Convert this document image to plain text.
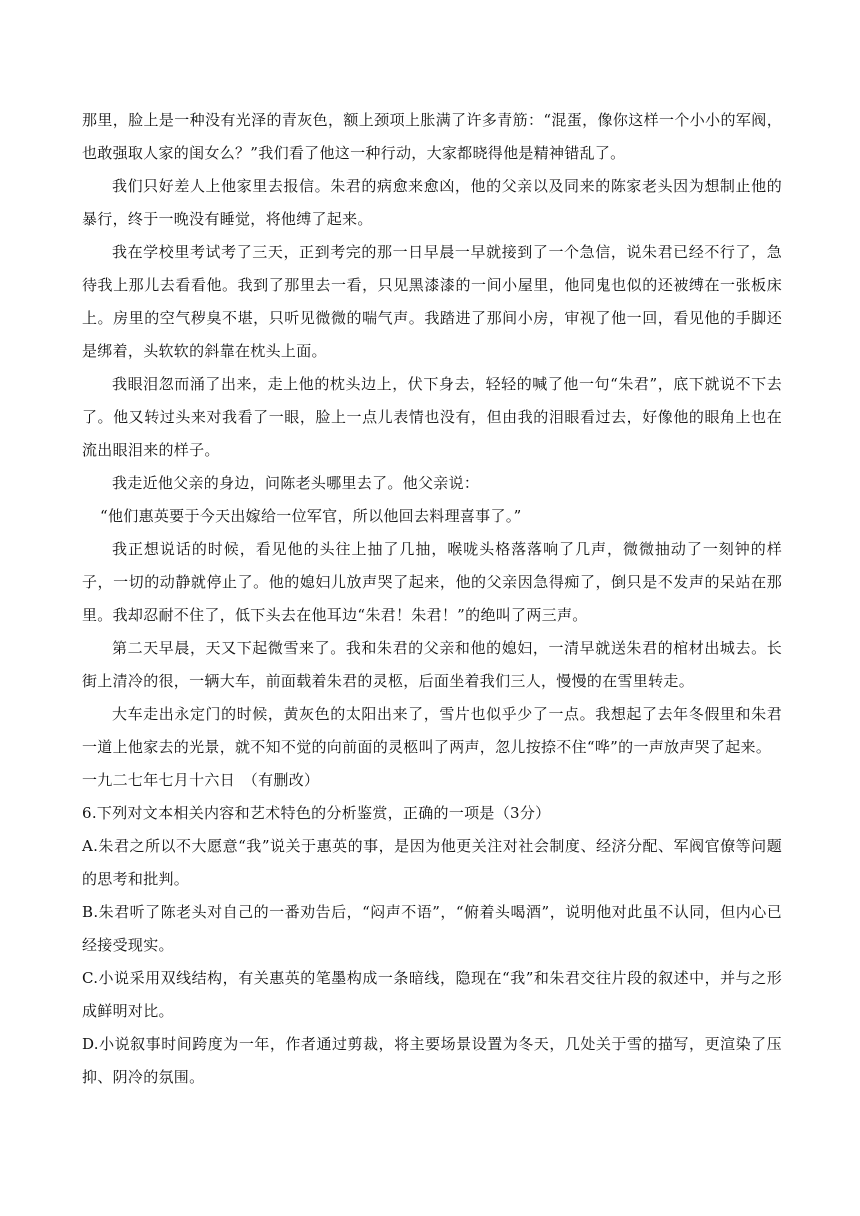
那里，脸上是一种没有光泽的青灰色，额上颈项上胀满了许多青筋：“混蛋，像你这样一个小小的军阀，也敢强取人家的闺女么？”我们看了他这一种行动，大家都晓得他是精神错乱了。

我们只好差人上他家里去报信。朱君的病愈来愈凶，他的父亲以及同来的陈家老头因为想制止他的暴行，终于一晚没有睡觉，将他缚了起来。

我在学校里考试考了三天，正到考完的那一日早晨一早就接到了一个急信，说朱君已经不行了，急待我上那儿去看看他。我到了那里去一看，只见黑漆漆的一间小屋里，他同鬼也似的还被缚在一张板床上。房里的空气秽臭不堪，只听见微微的喘气声。我踏进了那间小房，审视了他一回，看见他的手脚还是绑着，头软软的斜靠在枕头上面。

我眼泪忽而涌了出来，走上他的枕头边上，伏下身去，轻轻的喊了他一句“朱君”，底下就说不下去了。他又转过头来对我看了一眼，脸上一点儿表情也没有，但由我的泪眼看过去，好像他的眼角上也在流出眼泪来的样子。

我走近他父亲的身边，问陈老头哪里去了。他父亲说：

“他们惠英要于今天出嫁给一位军官，所以他回去料理喜事了。”

我正想说话的时候，看见他的头往上抽了几抽，喉咙头格落落响了几声，微微抽动了一刻钟的样子，一切的动静就停止了。他的媳妇儿放声哭了起来，他的父亲因急得痴了，倒只是不发声的呆站在那里。我却忍耐不住了，低下头去在他耳边“朱君！朱君！”的绝叫了两三声。

第二天早晨，天又下起微雪来了。我和朱君的父亲和他的媳妇，一清早就送朱君的棺材出城去。长街上清冷的很，一辆大车，前面载着朱君的灵柩，后面坐着我们三人，慢慢的在雪里转走。

大车走出永定门的时候，黄灰色的太阳出来了，雪片也似乎少了一点。我想起了去年冬假里和朱君一道上他家去的光景，就不知不觉的向前面的灵柩叫了两声，忽儿按捺不住“哗”的一声放声哭了起来。

一九二七年七月十六日　（有删改）

6.下列对文本相关内容和艺术特色的分析鉴赏，正确的一项是（3分）

A.朱君之所以不大愿意“我”说关于惠英的事，是因为他更关注对社会制度、经济分配、军阀官僚等问题的思考和批判。

B.朱君听了陈老头对自己的一番劝告后，“闷声不语”，“俯着头喝酒”，说明他对此虽不认同，但内心已经接受现实。

C.小说采用双线结构，有关惠英的笔墨构成一条暗线，隐现在“我”和朱君交往片段的叙述中，并与之形成鲜明对比。

D.小说叙事时间跨度为一年，作者通过剪裁，将主要场景设置为冬天，几处关于雪的描写，更渲染了压抑、阴冷的氛围。
